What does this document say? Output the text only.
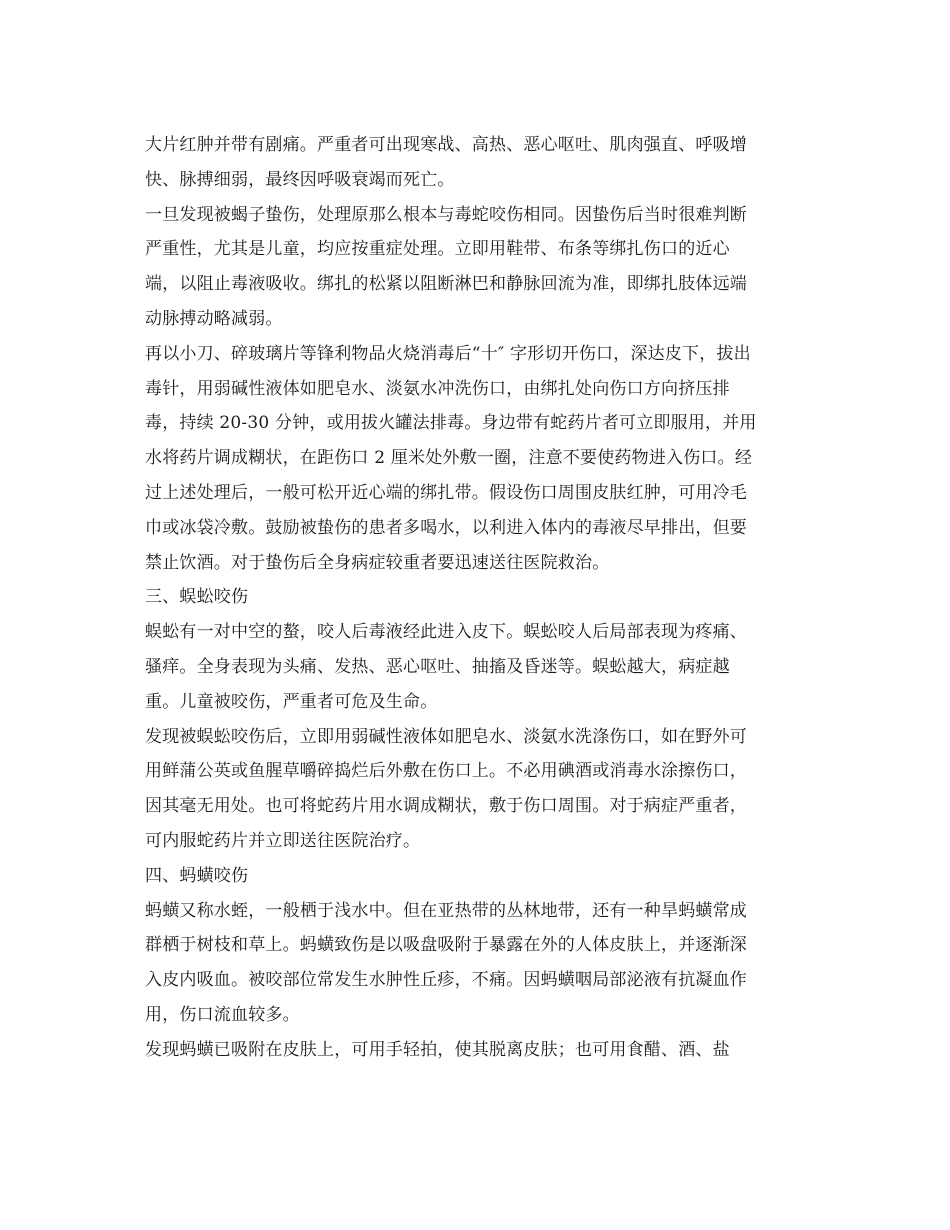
大片红肿并带有剧痛。严重者可出现寒战、高热、恶心呕吐、肌肉强直、呼吸增
快、脉搏细弱，最终因呼吸衰竭而死亡。
一旦发现被蝎子蛰伤，处理原那么根本与毒蛇咬伤相同。因蛰伤后当时很难判断
严重性，尤其是儿童，均应按重症处理。立即用鞋带、布条等绑扎伤口的近心
端，以阻止毒液吸收。绑扎的松紧以阻断淋巴和静脉回流为准，即绑扎肢体远端
动脉搏动略减弱。
再以小刀、碎玻璃片等锋利物品火烧消毒后“十″ 字形切开伤口，深达皮下，拔出
毒针，用弱碱性液体如肥皂水、淡氨水冲洗伤口，由绑扎处向伤口方向挤压排
毒，持续 20-30 分钟，或用拔火罐法排毒。身边带有蛇药片者可立即服用，并用
水将药片调成糊状，在距伤口 2 厘米处外敷一圈，注意不要使药物进入伤口。经
过上述处理后，一般可松开近心端的绑扎带。假设伤口周围皮肤红肿，可用冷毛
巾或冰袋冷敷。鼓励被蛰伤的患者多喝水，以利进入体内的毒液尽早排出，但要
禁止饮酒。对于蛰伤后全身病症较重者要迅速送往医院救治。
三、蜈蚣咬伤
蜈蚣有一对中空的螯，咬人后毒液经此进入皮下。蜈蚣咬人后局部表现为疼痛、
骚痒。全身表现为头痛、发热、恶心呕吐、抽搐及昏迷等。蜈蚣越大，病症越
重。儿童被咬伤，严重者可危及生命。
发现被蜈蚣咬伤后，立即用弱碱性液体如肥皂水、淡氨水洗涤伤口，如在野外可
用鲜蒲公英或鱼腥草嚼碎捣烂后外敷在伤口上。不必用碘酒或消毒水涂擦伤口，
因其毫无用处。也可将蛇药片用水调成糊状，敷于伤口周围。对于病症严重者，
可内服蛇药片并立即送往医院治疗。
四、蚂蟥咬伤
蚂蟥又称水蛭，一般栖于浅水中。但在亚热带的丛林地带，还有一种旱蚂蟥常成
群栖于树枝和草上。蚂蟥致伤是以吸盘吸附于暴露在外的人体皮肤上，并逐渐深
入皮内吸血。被咬部位常发生水肿性丘疹，不痛。因蚂蟥咽局部泌液有抗凝血作
用，伤口流血较多。
发现蚂蟥已吸附在皮肤上，可用手轻拍，使其脱离皮肤；也可用食醋、酒、盐
